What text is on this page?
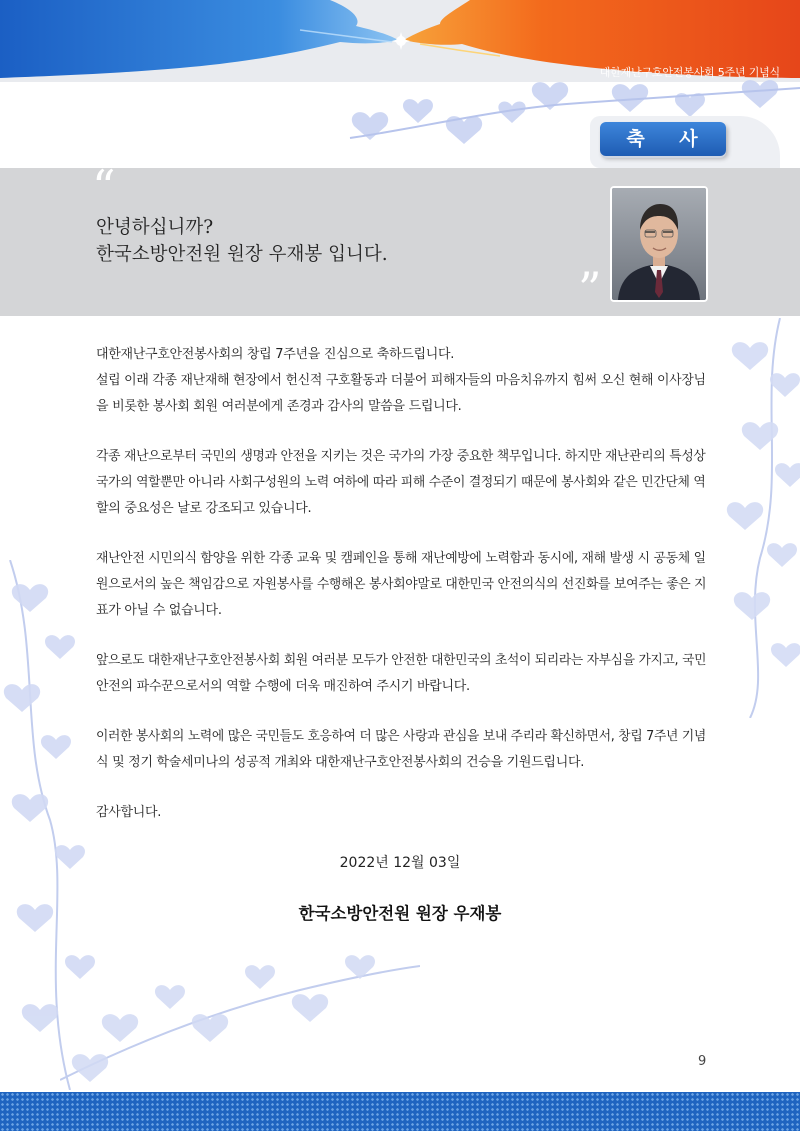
대한재난구호안전봉사회 5주년 기념식
축 사
“
”
안녕하십니까?
한국소방안전원 원장 우재봉 입니다.

대한재난구호안전봉사회의 창립 7주년을 진심으로 축하드립니다.
설립 이래 각종 재난재해 현장에서 헌신적 구호활동과 더불어 피해자들의 마음치유까지 힘써 오신 현해 이사장님
을 비롯한 봉사회 회원 여러분에게 존경과 감사의 말씀을 드립니다.

각종 재난으로부터 국민의 생명과 안전을 지키는 것은 국가의 가장 중요한 책무입니다. 하지만 재난관리의 특성상
국가의 역할뿐만 아니라 사회구성원의 노력 여하에 따라 피해 수준이 결정되기 때문에 봉사회와 같은 민간단체 역
할의 중요성은 날로 강조되고 있습니다.

재난안전 시민의식 함양을 위한 각종 교육 및 캠페인을 통해 재난예방에 노력함과 동시에, 재해 발생 시 공동체 일
원으로서의 높은 책임감으로 자원봉사를 수행해온 봉사회야말로 대한민국 안전의식의 선진화를 보여주는 좋은 지
표가 아닐 수 없습니다.

앞으로도 대한재난구호안전봉사회 회원 여러분 모두가 안전한 대한민국의 초석이 되리라는 자부심을 가지고, 국민
안전의 파수꾼으로서의 역할 수행에 더욱 매진하여 주시기 바랍니다.

이러한 봉사회의 노력에 많은 국민들도 호응하여 더 많은 사랑과 관심을 보내 주리라 확신하면서, 창립 7주년 기념
식 및 정기 학술세미나의 성공적 개최와 대한재난구호안전봉사회의 건승을 기원드립니다.

감사합니다.

2022년 12월 03일
한국소방안전원 원장 우재봉
9
